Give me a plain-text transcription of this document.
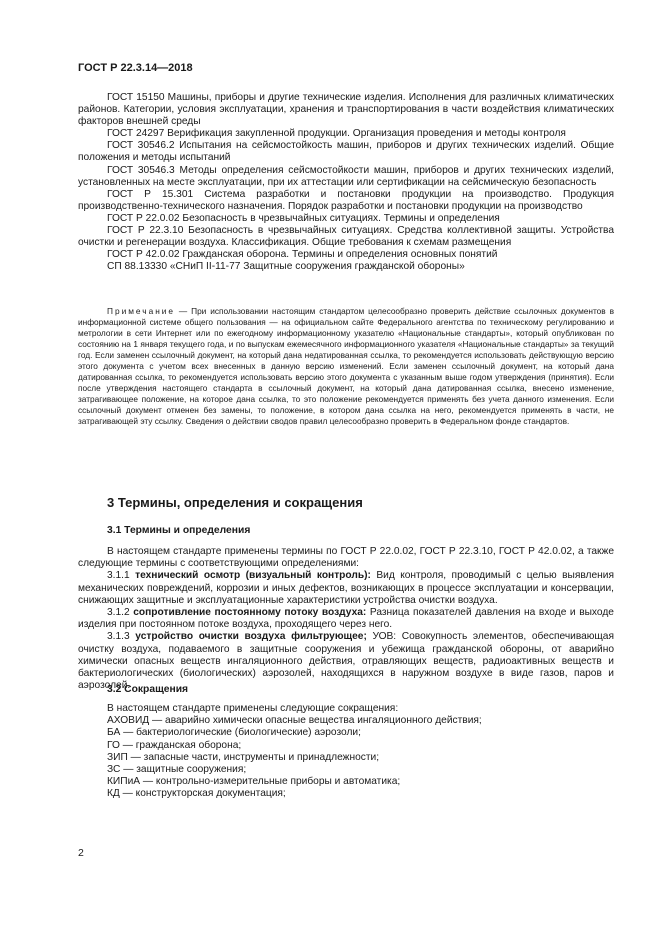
ГОСТ Р 22.3.14—2018

ГОСТ 15150 Машины, приборы и другие технические изделия. Исполнения для различных климатических районов. Категории, условия эксплуатации, хранения и транспортирования в части воздействия климатических факторов внешней среды

ГОСТ 24297 Верификация закупленной продукции. Организация проведения и методы контроля

ГОСТ 30546.2 Испытания на сейсмостойкость машин, приборов и других технических изделий. Общие положения и методы испытаний

ГОСТ 30546.3 Методы определения сейсмостойкости машин, приборов и других технических изделий, установленных на месте эксплуатации, при их аттестации или сертификации на сейсмическую безопасность

ГОСТ Р 15.301 Система разработки и постановки продукции на производство. Продукция производственно-технического назначения. Порядок разработки и постановки продукции на производство

ГОСТ Р 22.0.02 Безопасность в чрезвычайных ситуациях. Термины и определения

ГОСТ Р 22.3.10 Безопасность в чрезвычайных ситуациях. Средства коллективной защиты. Устройства очистки и регенерации воздуха. Классификация. Общие требования к схемам размещения

ГОСТ Р 42.0.02 Гражданская оборона. Термины и определения основных понятий

СП 88.13330 «СНиП II-11-77 Защитные сооружения гражданской обороны»

Примечание — При использовании настоящим стандартом целесообразно проверить действие ссылочных документов в информационной системе общего пользования — на официальном сайте Федерального агентства по техническому регулированию и метрологии в сети Интернет или по ежегодному информационному указателю «Национальные стандарты», который опубликован по состоянию на 1 января текущего года, и по выпускам ежемесячного информационного указателя «Национальные стандарты» за текущий год. Если заменен ссылочный документ, на который дана недатированная ссылка, то рекомендуется использовать действующую версию этого документа с учетом всех внесенных в данную версию изменений. Если заменен ссылочный документ, на который дана датированная ссылка, то рекомендуется использовать версию этого документа с указанным выше годом утверждения (принятия). Если после утверждения настоящего стандарта в ссылочный документ, на который дана датированная ссылка, внесено изменение, затрагивающее положение, на которое дана ссылка, то это положение рекомендуется применять без учета данного изменения. Если ссылочный документ отменен без замены, то положение, в котором дана ссылка на него, рекомендуется применять в части, не затрагивающей эту ссылку. Сведения о действии сводов правил целесообразно проверить в Федеральном фонде стандартов.
3 Термины, определения и сокращения
3.1 Термины и определения

В настоящем стандарте применены термины по ГОСТ Р 22.0.02, ГОСТ Р 22.3.10, ГОСТ Р 42.0.02, а также следующие термины с соответствующими определениями:

3.1.1 технический осмотр (визуальный контроль): Вид контроля, проводимый с целью выявления механических повреждений, коррозии и иных дефектов, возникающих в процессе эксплуатации и консервации, снижающих защитные и эксплуатационные характеристики устройства очистки воздуха.

3.1.2 сопротивление постоянному потоку воздуха: Разница показателей давления на входе и выходе изделия при постоянном потоке воздуха, проходящего через него.

3.1.3 устройство очистки воздуха фильтрующее; УОВ: Совокупность элементов, обеспечивающая очистку воздуха, подаваемого в защитные сооружения и убежища гражданской обороны, от аварийно химически опасных веществ ингаляционного действия, отравляющих веществ, радиоактивных веществ и бактериологических (биологических) аэрозолей, находящихся в наружном воздухе в виде газов, паров и аэрозолей.

3.2 Сокращения
В настоящем стандарте применены следующие сокращения:
АХОВИД — аварийно химически опасные вещества ингаляционного действия;
БА — бактериологические (биологические) аэрозоли;
ГО — гражданская оборона;
ЗИП — запасные части, инструменты и принадлежности;
ЗС — защитные сооружения;
КИПиА — контрольно-измерительные приборы и автоматика;
КД — конструкторская документация;
2
